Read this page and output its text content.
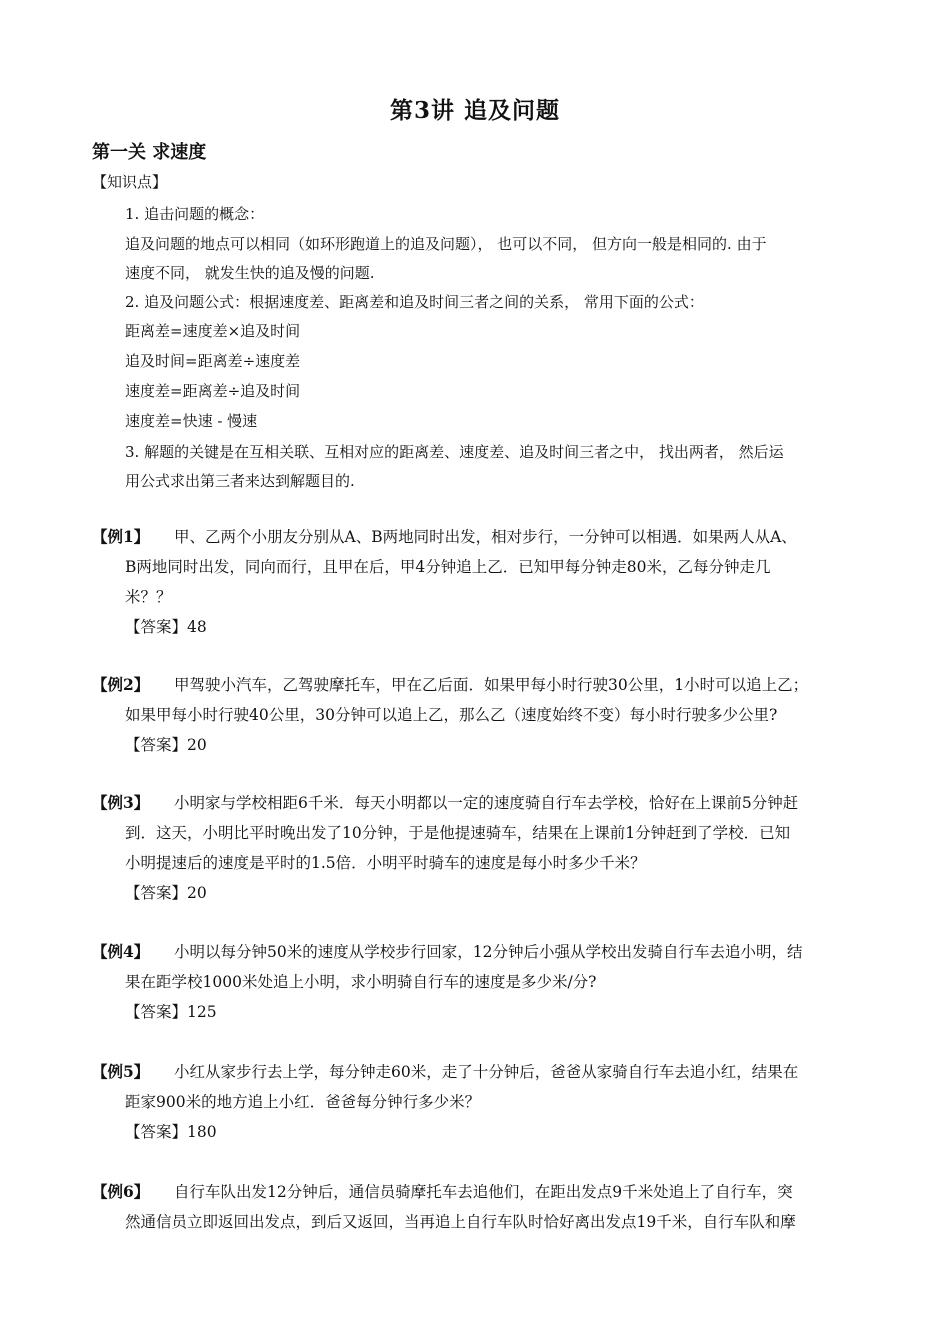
第3讲 追及问题
第一关 求速度
【知识点】
1. 追击问题的概念：
追及问题的地点可以相同（如环形跑道上的追及问题）， 也可以不同， 但方向一般是相同的. 由于
速度不同， 就发生快的追及慢的问题.
2. 追及问题公式：根据速度差、距离差和追及时间三者之间的关系， 常用下面的公式：
距离差=速度差×追及时间
追及时间=距离差÷速度差
速度差=距离差÷追及时间
速度差=快速 - 慢速
3. 解题的关键是在互相关联、互相对应的距离差、速度差、追及时间三者之中， 找出两者， 然后运
用公式求出第三者来达到解题目的.
【例1】 甲、乙两个小朋友分别从A、B两地同时出发，相对步行，一分钟可以相遇．如果两人从A、
B两地同时出发，同向而行，且甲在后，甲4分钟追上乙．已知甲每分钟走80米，乙每分钟走几
米？？
【答案】48
【例2】 甲驾驶小汽车，乙驾驶摩托车，甲在乙后面．如果甲每小时行驶30公里，1小时可以追上乙；
如果甲每小时行驶40公里，30分钟可以追上乙，那么乙（速度始终不变）每小时行驶多少公里?
【答案】20
【例3】 小明家与学校相距6千米．每天小明都以一定的速度骑自行车去学校，恰好在上课前5分钟赶
到．这天，小明比平时晚出发了10分钟，于是他提速骑车，结果在上课前1分钟赶到了学校．已知
小明提速后的速度是平时的1.5倍．小明平时骑车的速度是每小时多少千米？
【答案】20
【例4】 小明以每分钟50米的速度从学校步行回家，12分钟后小强从学校出发骑自行车去追小明，结
果在距学校1000米处追上小明，求小明骑自行车的速度是多少米/分?
【答案】125
【例5】 小红从家步行去上学，每分钟走60米，走了十分钟后，爸爸从家骑自行车去追小红，结果在
距家900米的地方追上小红．爸爸每分钟行多少米？
【答案】180
【例6】 自行车队出发12分钟后，通信员骑摩托车去追他们，在距出发点9千米处追上了自行车，突
然通信员立即返回出发点，到后又返回，当再追上自行车队时恰好离出发点19千米，自行车队和摩
